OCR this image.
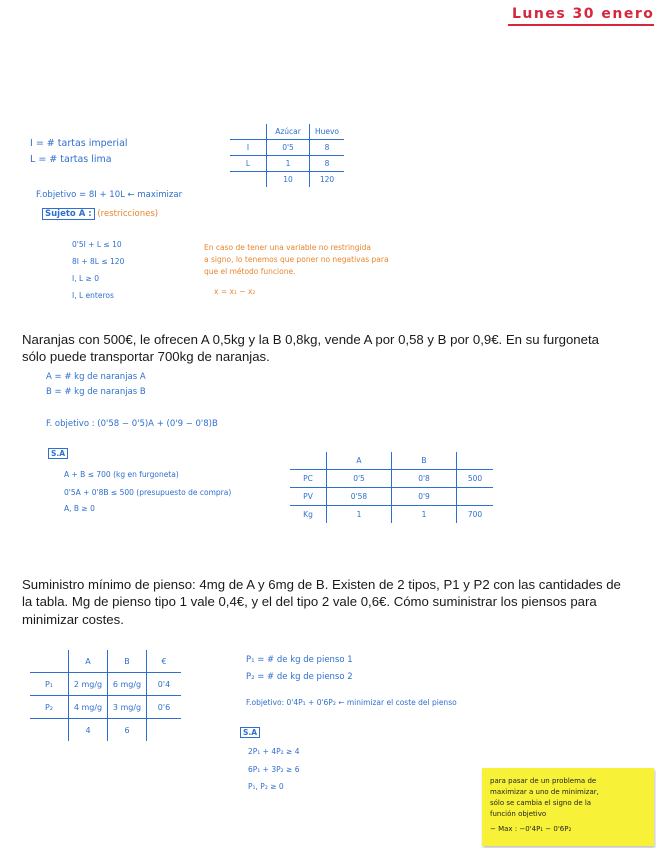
Lunes 30 enero
I = # tartas imperial
L = # tartas lima
	Azúcar	Huevo
I	0'5	8
L	1	8
	10	120
F.objetivo = 8I + 10L ← maximizar
Sujeto A : (restricciones)
0'5I + L ≤ 10
8I + 8L ≤ 120
I, L ≥ 0
I, L enteros
En caso de tener una variable no restringida
a signo, lo tenemos que poner no negativas para
que el método funcione.
x = x₁ − x₂
Naranjas con 500€, le ofrecen A 0,5kg y la B 0,8kg, vende A por 0,58 y B por 0,9€. En su furgoneta sólo puede transportar 700kg de naranjas.
A = # kg de naranjas A
B = # kg de naranjas B
F. objetivo : (0'58 − 0'5)A + (0'9 − 0'8)B
S.A
A + B ≤ 700 (kg en furgoneta)
0'5A + 0'8B ≤ 500 (presupuesto de compra)
A, B ≥ 0
	A	B	
PC	0'5	0'8	500
PV	0'58	0'9	
Kg	1	1	700
Suministro mínimo de pienso: 4mg de A y 6mg de B. Existen de 2 tipos, P1 y P2 con las cantidades de la tabla. Mg de pienso tipo 1 vale 0,4€, y el del tipo 2 vale 0,6€. Cómo suministrar los piensos para minimizar costes.
	A	B	€
P₁	2 mg/g	6 mg/g	0'4
P₂	4 mg/g	3 mg/g	0'6
	4	6	
P₁ = # de kg de pienso 1
P₂ = # de kg de pienso 2
F.objetivo: 0'4P₁ + 0'6P₂ ← minimizar el coste del pienso
S.A
2P₁ + 4P₂ ≥ 4
6P₁ + 3P₂ ≥ 6
P₁, P₂ ≥ 0
para pasar de un problema de
maximizar a uno de minimizar,
sólo se cambia el signo de la
función objetivo
− Max : −0'4P₁ − 0'6P₂
